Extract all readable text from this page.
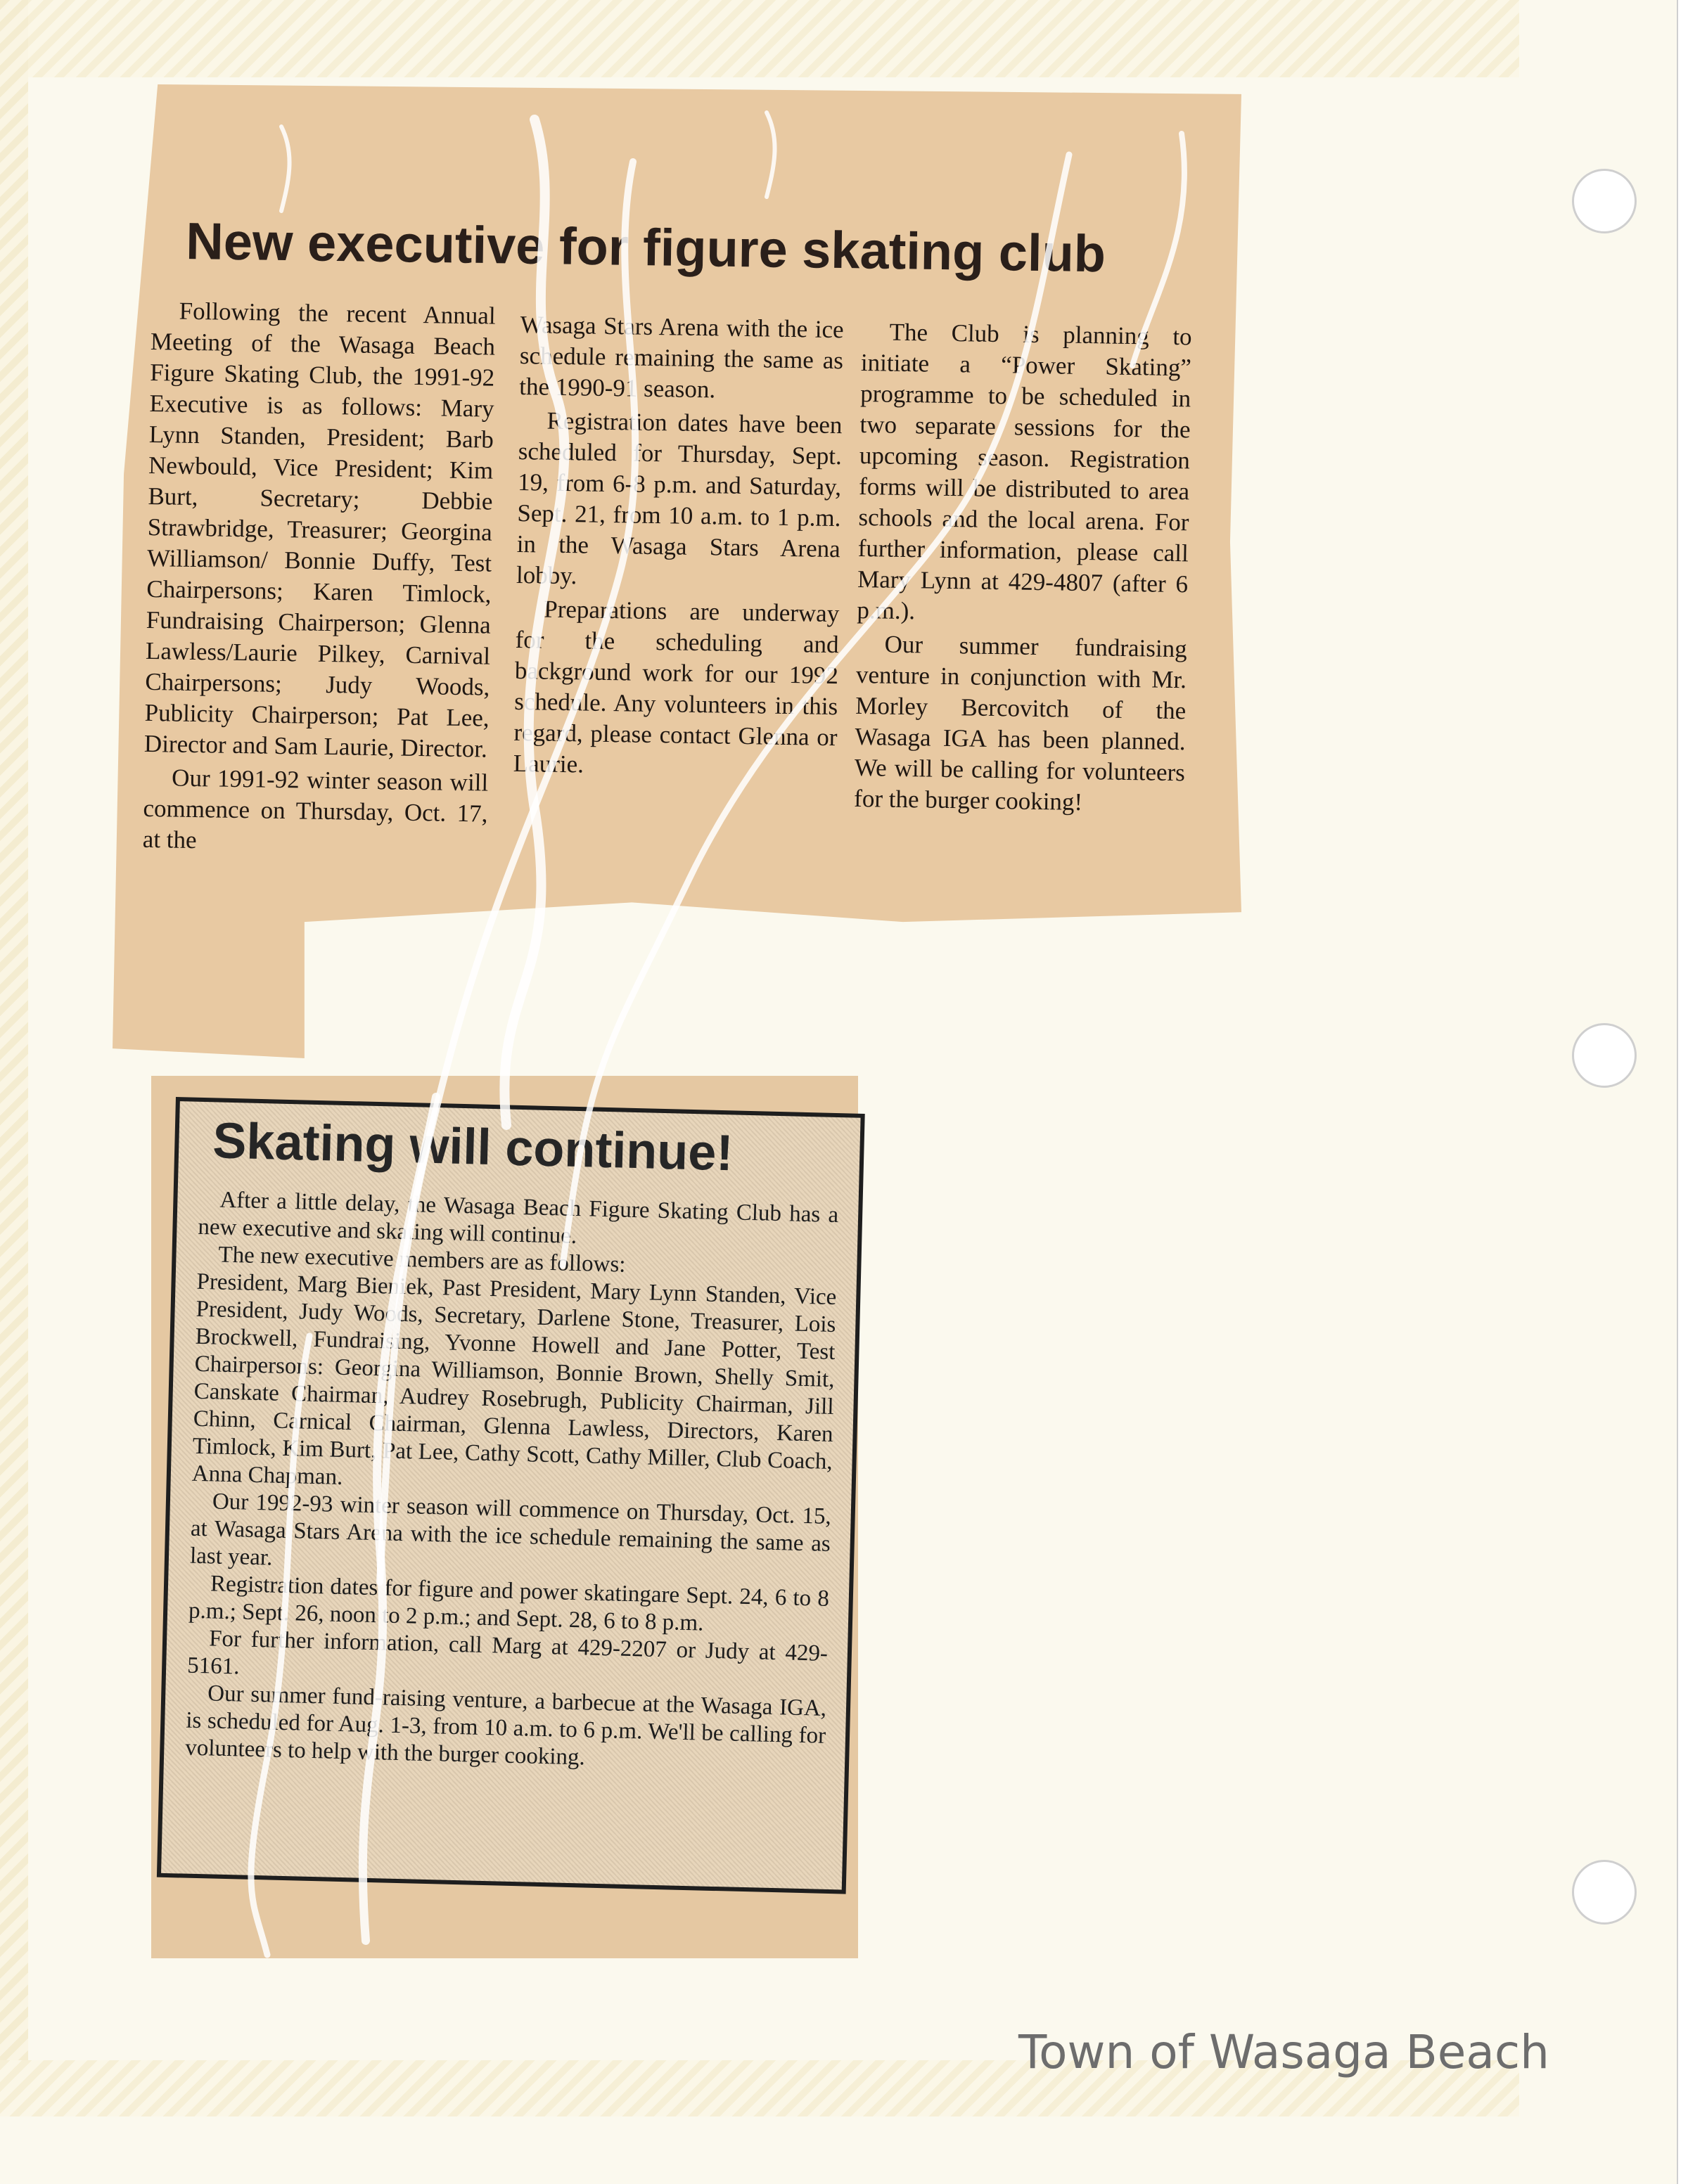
New executive for figure skating club

Following the recent Annual Meeting of the Wasaga Beach Figure Skating Club, the 1991-92 Executive is as follows: Mary Lynn Standen, President; Barb Newbould, Vice President; Kim Burt, Secretary; Debbie Strawbridge, Treasurer; Georgina Williamson/ Bonnie Duffy, Test Chairpersons; Karen Timlock, Fundraising Chairperson; Glenna Lawless/Laurie Pilkey, Carnival Chairpersons; Judy Woods, Publicity Chairperson; Pat Lee, Director and Sam Laurie, Director.

Our 1991-92 winter season will commence on Thursday, Oct. 17, at the

Wasaga Stars Arena with the ice schedule remaining the same as the 1990-91 season.

Registration dates have been scheduled for Thursday, Sept. 19, from 6-8 p.m. and Saturday, Sept. 21, from 10 a.m. to 1 p.m. in the Wasaga Stars Arena lobby.

Preparations are underway for the scheduling and background work for our 1992 schedule. Any volunteers in this regard, please contact Glenna or Laurie.

The Club is planning to initiate a “Power Skating” programme to be scheduled in two separate sessions for the upcoming season. Registration forms will be distributed to area schools and the local arena. For further information, please call Mary Lynn at 429-4807 (after 6 p.m.).

Our summer fundraising venture in conjunction with Mr. Morley Bercovitch of the Wasaga IGA has been planned. We will be calling for volunteers for the burger cooking!

Skating will continue!

After a little delay, the Wasaga Beach Figure Skating Club has a new executive and skating will continue.

The new executive members are as follows:

President, Marg Bieniek, Past President, Mary Lynn Standen, Vice President, Judy Woods, Secretary, Darlene Stone, Treasurer, Lois Brockwell, Fundraising, Yvonne Howell and Jane Potter, Test Chairpersons: Georgina Williamson, Bonnie Brown, Shelly Smit, Canskate Chairman, Audrey Rosebrugh, Publicity Chairman, Jill Chinn, Carnical Chairman, Glenna Lawless, Directors, Karen Timlock, Kim Burt, Pat Lee, Cathy Scott, Cathy Miller, Club Coach, Anna Chapman.

Our 1992-93 winter season will commence on Thursday, Oct. 15, at Wasaga Stars Arena with the ice schedule remaining the same as last year.

Registration dates for figure and power skatingare Sept. 24, 6 to 8 p.m.; Sept. 26, noon to 2 p.m.; and Sept. 28, 6 to 8 p.m.

For further information, call Marg at 429-2207 or Judy at 429-5161.

Our summer fund-raising venture, a barbecue at the Wasaga IGA, is scheduled for Aug. 1-3, from 10 a.m. to 6 p.m. We'll be calling for volunteers to help with the burger cooking.

Town of Wasaga Beach
